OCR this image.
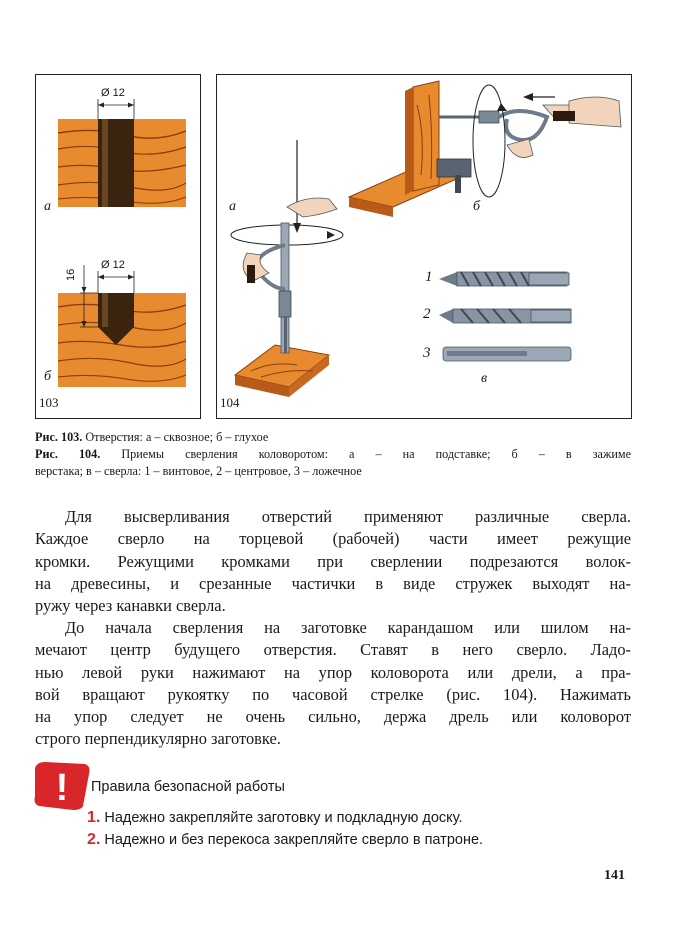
Ø 12
Ø 12
16
а
б
103
а	б
в
1
2
3
104
Рис. 103. Отверстия: а – сквозное; б – глухое
Рис. 104. Приемы сверления коловоротом: а – на подставке; б – в зажиме
верстака; в – сверла: 1 – винтовое, 2 – центровое, 3 – ложечное
Для высверливания отверстий применяют различные сверла.
Каждое сверло на торцевой (рабочей) части имеет режущие
кромки. Режущими кромками при сверлении подрезаются волок-
на древесины, и срезанные частички в виде стружек выходят на-
ружу через канавки сверла.
До начала сверления на заготовке карандашом или шилом на-
мечают центр будущего отверстия. Ставят в него сверло. Ладо-
нью левой руки нажимают на упор коловорота или дрели, а пра-
вой вращают рукоятку по часовой стрелке (рис. 104). Нажимать
на упор следует не очень сильно, держа дрель или коловорот
строго перпендикулярно заготовке.
! Правила безопасной работы
1. Надежно закрепляйте заготовку и подкладную доску.
2. Надежно и без перекоса закрепляйте сверло в патроне.
141
